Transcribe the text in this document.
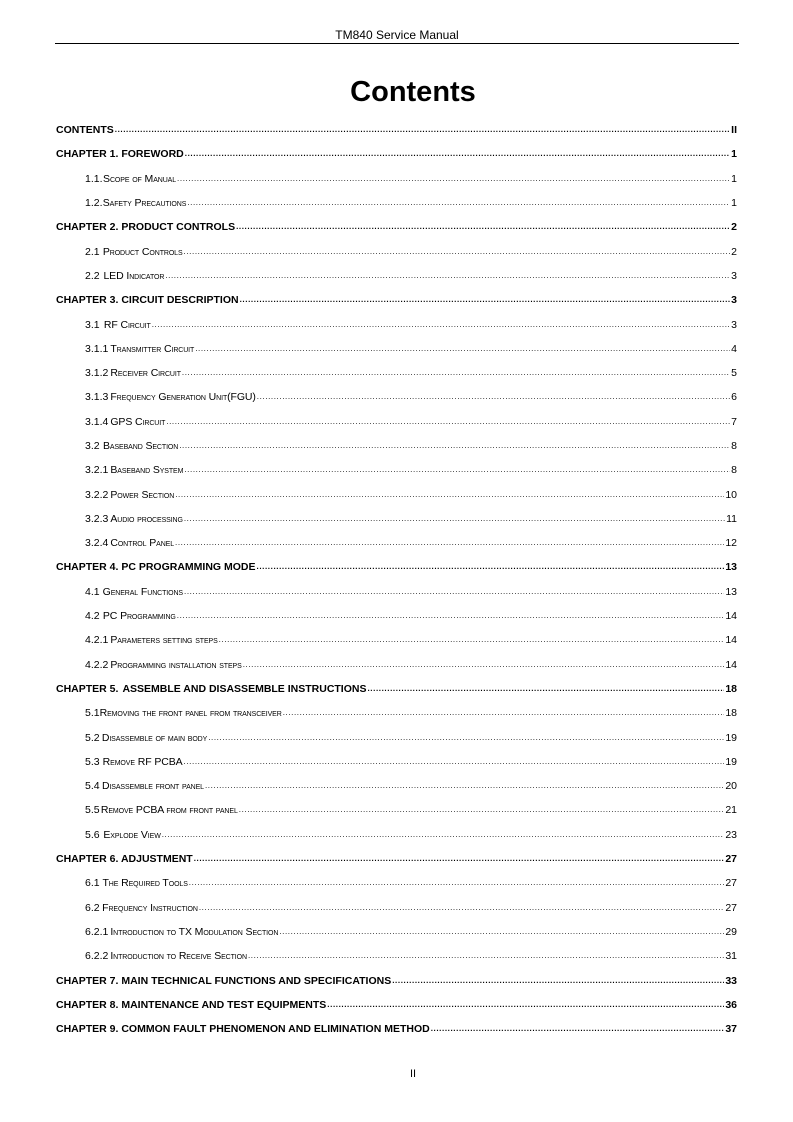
TM840 Service Manual
Contents
CONTENTS .....	II
CHAPTER 1. FOREWORD .....	1
1.1. Scope of Manual .....	1
1.2. Safety Precautions .....	1
CHAPTER 2. PRODUCT CONTROLS .....	2
2.1 Product Controls .....	2
2.2 LED Indicator .....	3
CHAPTER 3. CIRCUIT DESCRIPTION .....	3
3.1 RF Circuit .....	3
3.1.1 Transmitter Circuit .....	4
3.1.2 Receiver Circuit .....	5
3.1.3 Frequency Generation Unit(FGU) .....	6
3.1.4 GPS Circuit .....	7
3.2 Baseband Section .....	8
3.2.1 Baseband System .....	8
3.2.2 Power Section .....	10
3.2.3 Audio processing .....	11
3.2.4 Control Panel .....	12
CHAPTER 4. PC PROGRAMMING MODE .....	13
4.1 General Functions .....	13
4.2 PC Programming .....	14
4.2.1 Parameters setting steps .....	14
4.2.2 Programming installation steps .....	14
CHAPTER 5. ASSEMBLE AND DISASSEMBLE INSTRUCTIONS .....	18
5.1 Removing the front panel from transceiver .....	18
5.2 Disassemble of main body .....	19
5.3 Remove RF PCBA .....	19
5.4 Disassemble front panel .....	20
5.5 Remove PCBA from front panel .....	21
5.6 Explode View .....	23
CHAPTER 6. ADJUSTMENT .....	27
6.1 The Required Tools .....	27
6.2 Frequency Instruction .....	27
6.2.1 Introduction to TX Modulation Section .....	29
6.2.2 Introduction to Receive Section .....	31
CHAPTER 7. MAIN TECHNICAL FUNCTIONS AND SPECIFICATIONS .....	33
CHAPTER 8. MAINTENANCE AND TEST EQUIPMENTS .....	36
CHAPTER 9. COMMON FAULT PHENOMENON AND ELIMINATION METHOD .....	37
II
